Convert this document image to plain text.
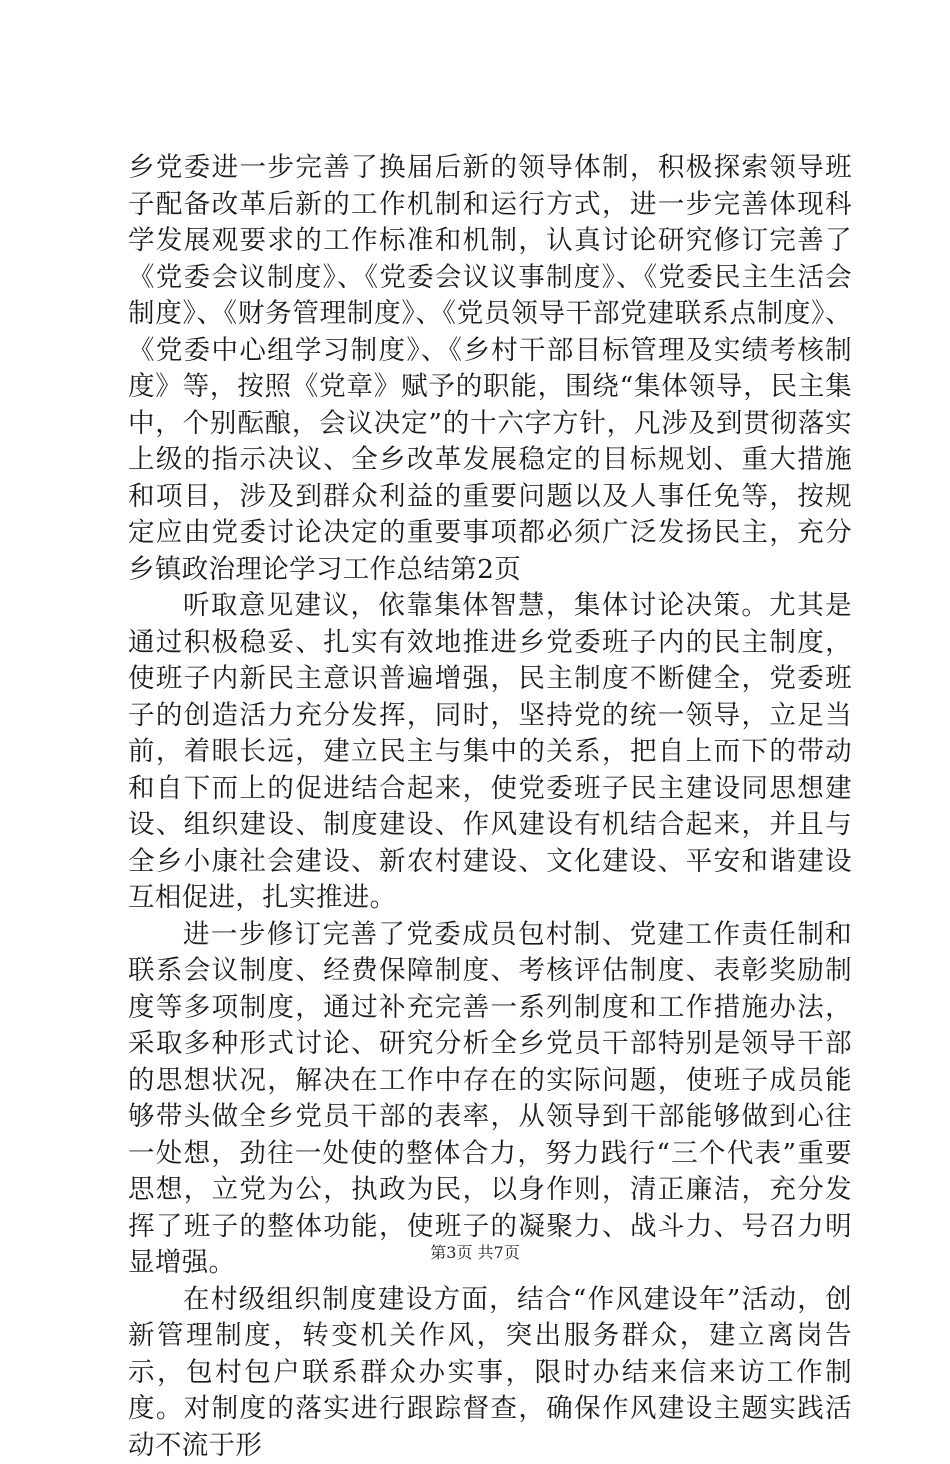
乡党委进一步完善了换届后新的领导体制，积极探索领导班子配备改革后新的工作机制和运行方式，进一步完善体现科学发展观要求的工作标准和机制，认真讨论研究修订完善了《党委会议制度》、《党委会议议事制度》、《党委民主生活会制度》、《财务管理制度》、《党员领导干部党建联系点制度》、《党委中心组学习制度》、《乡村干部目标管理及实绩考核制度》等，按照《党章》赋予的职能，围绕“集体领导，民主集中，个别酝酿，会议决定”的十六字方针，凡涉及到贯彻落实上级的指示决议、全乡改革发展稳定的目标规划、重大措施和项目，涉及到群众利益的重要问题以及人事任免等，按规定应由党委讨论决定的重要事项都必须广泛发扬民主，充分乡镇政治理论学习工作总结第2页

听取意见建议，依靠集体智慧，集体讨论决策。尤其是通过积极稳妥、扎实有效地推进乡党委班子内的民主制度，使班子内新民主意识普遍增强，民主制度不断健全，党委班子的创造活力充分发挥，同时，坚持党的统一领导，立足当前，着眼长远，建立民主与集中的关系，把自上而下的带动和自下而上的促进结合起来，使党委班子民主建设同思想建设、组织建设、制度建设、作风建设有机结合起来，并且与全乡小康社会建设、新农村建设、文化建设、平安和谐建设互相促进，扎实推进。

进一步修订完善了党委成员包村制、党建工作责任制和联系会议制度、经费保障制度、考核评估制度、表彰奖励制度等多项制度，通过补充完善一系列制度和工作措施办法，采取多种形式讨论、研究分析全乡党员干部特别是领导干部的思想状况，解决在工作中存在的实际问题，使班子成员能够带头做全乡党员干部的表率，从领导到干部能够做到心往一处想，劲往一处使的整体合力，努力践行“三个代表”重要思想，立党为公，执政为民，以身作则，清正廉洁，充分发挥了班子的整体功能，使班子的凝聚力、战斗力、号召力明显增强。

在村级组织制度建设方面，结合“作风建设年”活动，创新管理制度，转变机关作风，突出服务群众，建立离岗告示，包村包户联系群众办实事，限时办结来信来访工作制度。对制度的落实进行跟踪督查，确保作风建设主题实践活动不流于形

第3页 共7页
